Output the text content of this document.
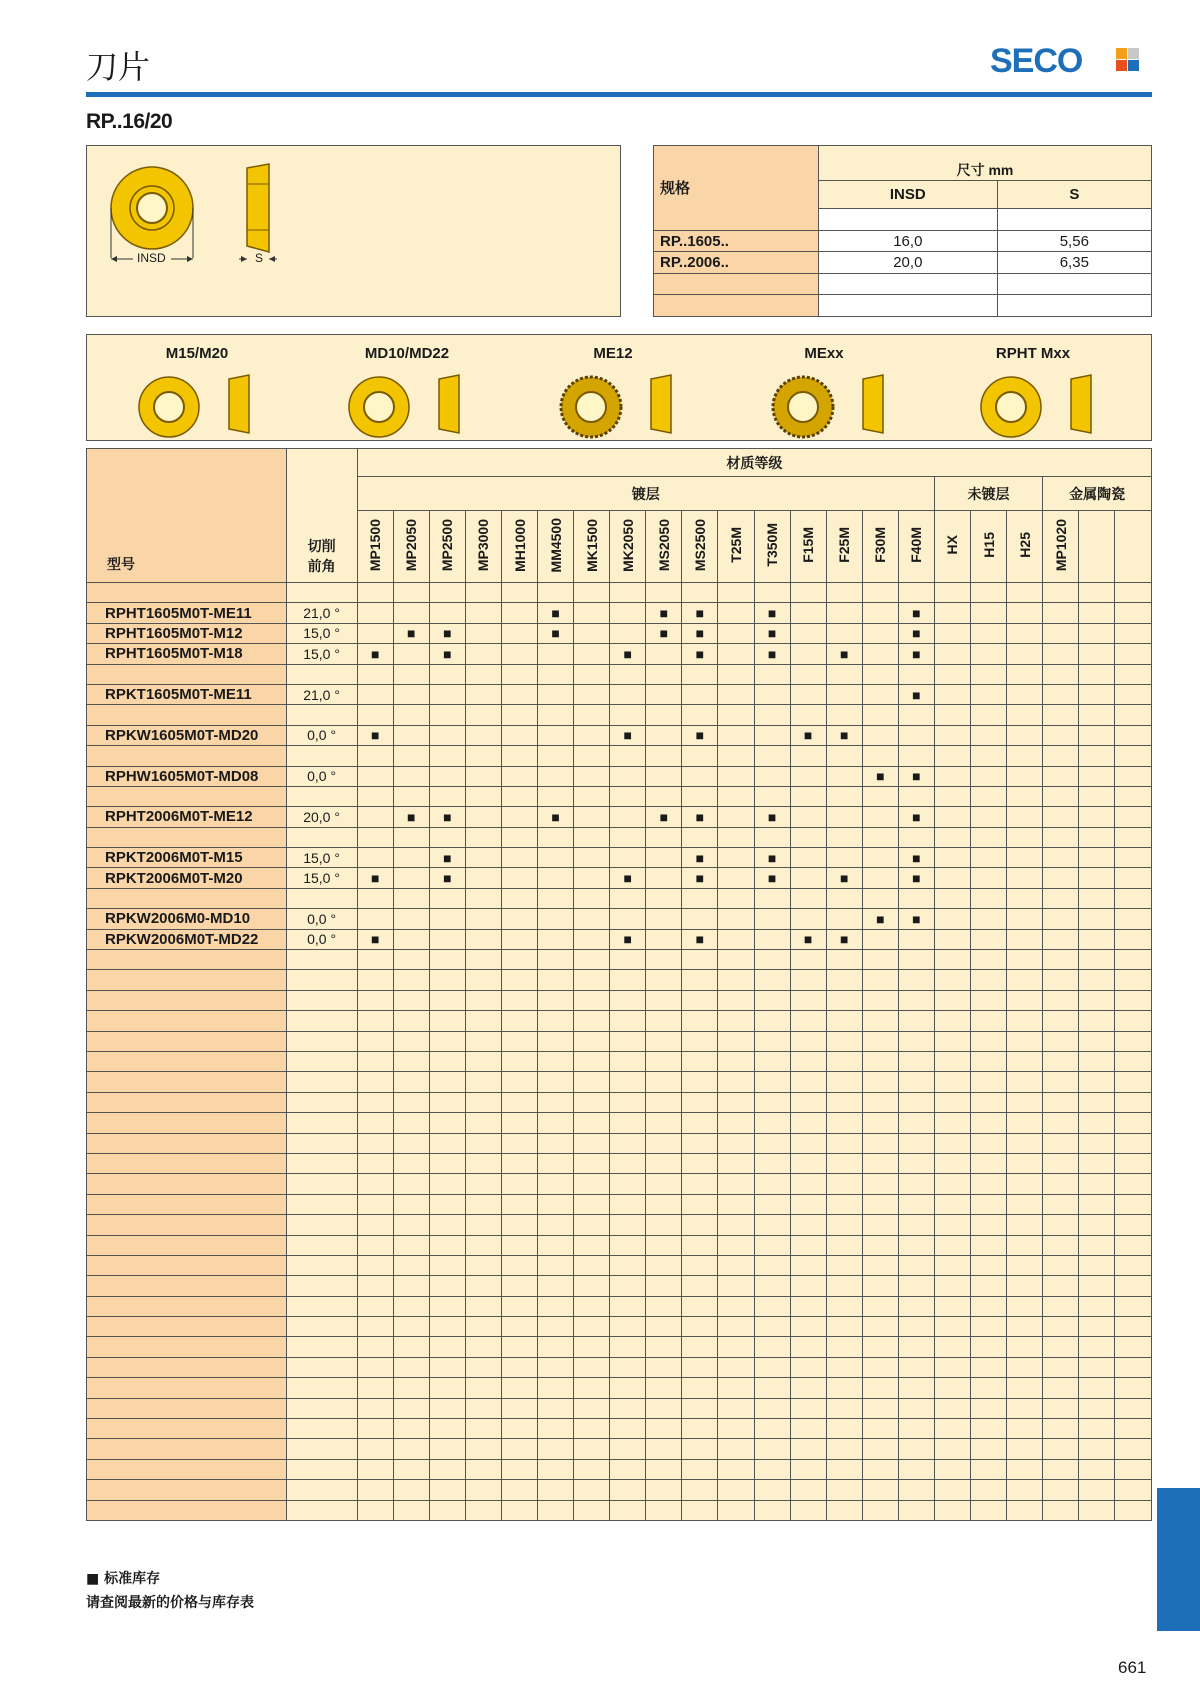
刀片	SECO
RP..16/20
INSD	S
规格	尺寸 mm	
	INSD	S

RP..1605..	16,0	5,56
RP..2006..	20,0	6,35

M15/M20	MD10/MD22	ME12	MExx	RPHT Mxx
型号	切削
前角	材质等级																					
		镀层																未镀层			金属陶瓷		
		MP1500	MP2050	MP2500	MP3000	MH1000	MM4500	MK1500	MK2050	MS2050	MS2500	T25M	T350M	F15M	F25M	F30M	F40M	HX	H15	H25	MP1020		

RPHT1605M0T-ME11	21,0 °						■			■	■		■				■						
RPHT1605M0T-M12	15,0 °		■	■			■			■	■		■				■						
RPHT1605M0T-M18	15,0 °	■		■					■		■		■		■		■						

RPKT1605M0T-ME11	21,0 °																■						

RPKW1605M0T-MD20	0,0 °	■							■		■			■	■								

RPHW1605M0T-MD08	0,0 °															■	■						

RPHT2006M0T-ME12	20,0 °		■	■			■			■	■		■				■						

RPKT2006M0T-M15	15,0 °			■							■		■				■						
RPKT2006M0T-M20	15,0 °	■		■					■		■		■		■		■						

RPKW2006M0-MD10	0,0 °															■	■						
RPKW2006M0T-MD22	0,0 °	■							■		■			■	■								

■ 标准库存
请查阅最新的价格与库存表
661
